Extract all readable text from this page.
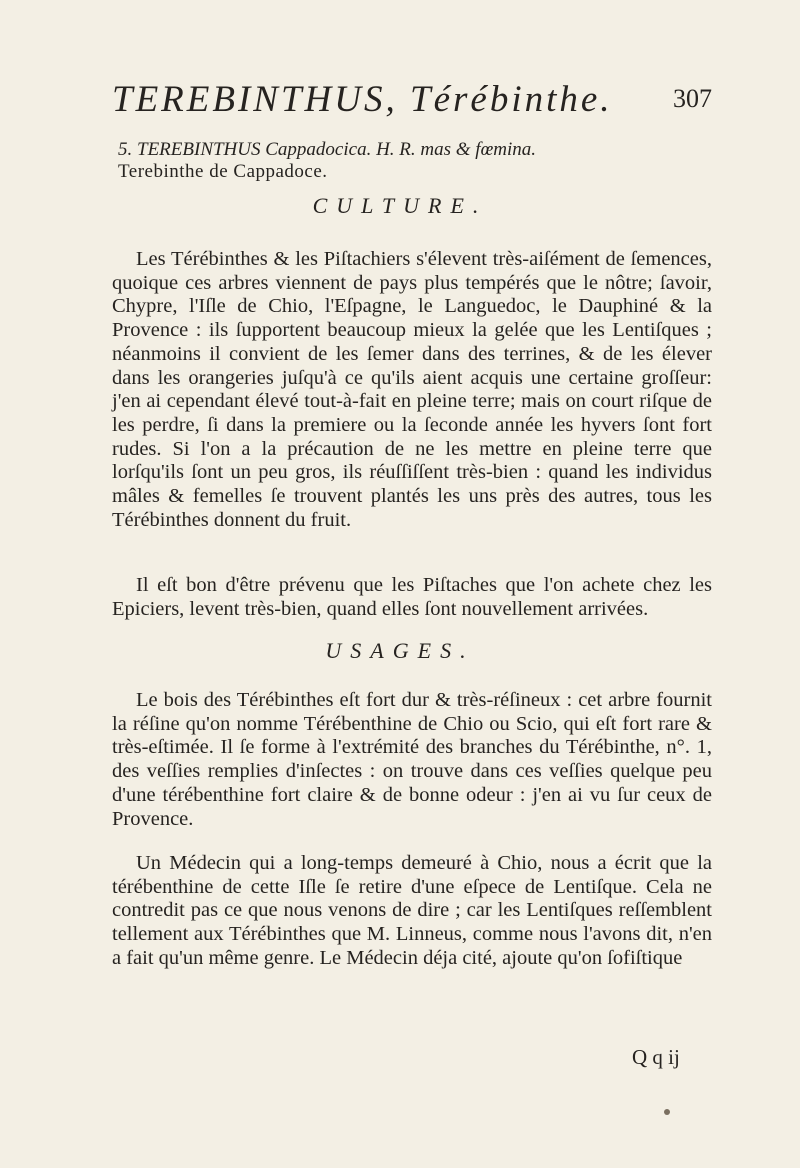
TEREBINTHUS, Térébinthe. 307
5. TEREBINTHUS Cappadocica. H. R. mas & fœmina.
Terebinthe de Cappadoce.
CULTURE.

Les Térébinthes & les Piſtachiers s'élevent très-aiſément de ſemences, quoique ces arbres viennent de pays plus tempérés que le nôtre; ſavoir, Chypre, l'Iſle de Chio, l'Eſpagne, le Languedoc, le Dauphiné & la Provence : ils ſupportent beaucoup mieux la gelée que les Lentiſques ; néanmoins il convient de les ſemer dans des terrines, & de les élever dans les orangeries juſqu'à ce qu'ils aient acquis une certaine groſſeur: j'en ai cependant élevé tout-à-fait en pleine terre; mais on court riſque de les perdre, ſi dans la premiere ou la ſeconde année les hyvers ſont fort rudes. Si l'on a la précaution de ne les mettre en pleine terre que lorſqu'ils ſont un peu gros, ils réuſſiſſent très-bien : quand les individus mâles & femelles ſe trouvent plantés les uns près des autres, tous les Térébinthes donnent du fruit.

Il eſt bon d'être prévenu que les Piſtaches que l'on achete chez les Epiciers, levent très-bien, quand elles ſont nouvellement arrivées.

USAGES.

Le bois des Térébinthes eſt fort dur & très-réſineux : cet arbre fournit la réſine qu'on nomme Térébenthine de Chio ou Scio, qui eſt fort rare & très-eſtimée. Il ſe forme à l'extrémité des branches du Térébinthe, n°. 1, des veſſies remplies d'inſectes : on trouve dans ces veſſies quelque peu d'une térébenthine fort claire & de bonne odeur : j'en ai vu ſur ceux de Provence.

Un Médecin qui a long-temps demeuré à Chio, nous a écrit que la térébenthine de cette Iſle ſe retire d'une eſpece de Lentiſque. Cela ne contredit pas ce que nous venons de dire ; car les Lentiſques reſſemblent tellement aux Térébinthes que M. Linneus, comme nous l'avons dit, n'en a fait qu'un même genre. Le Médecin déja cité, ajoute qu'on ſofiſtique

Q q ij
